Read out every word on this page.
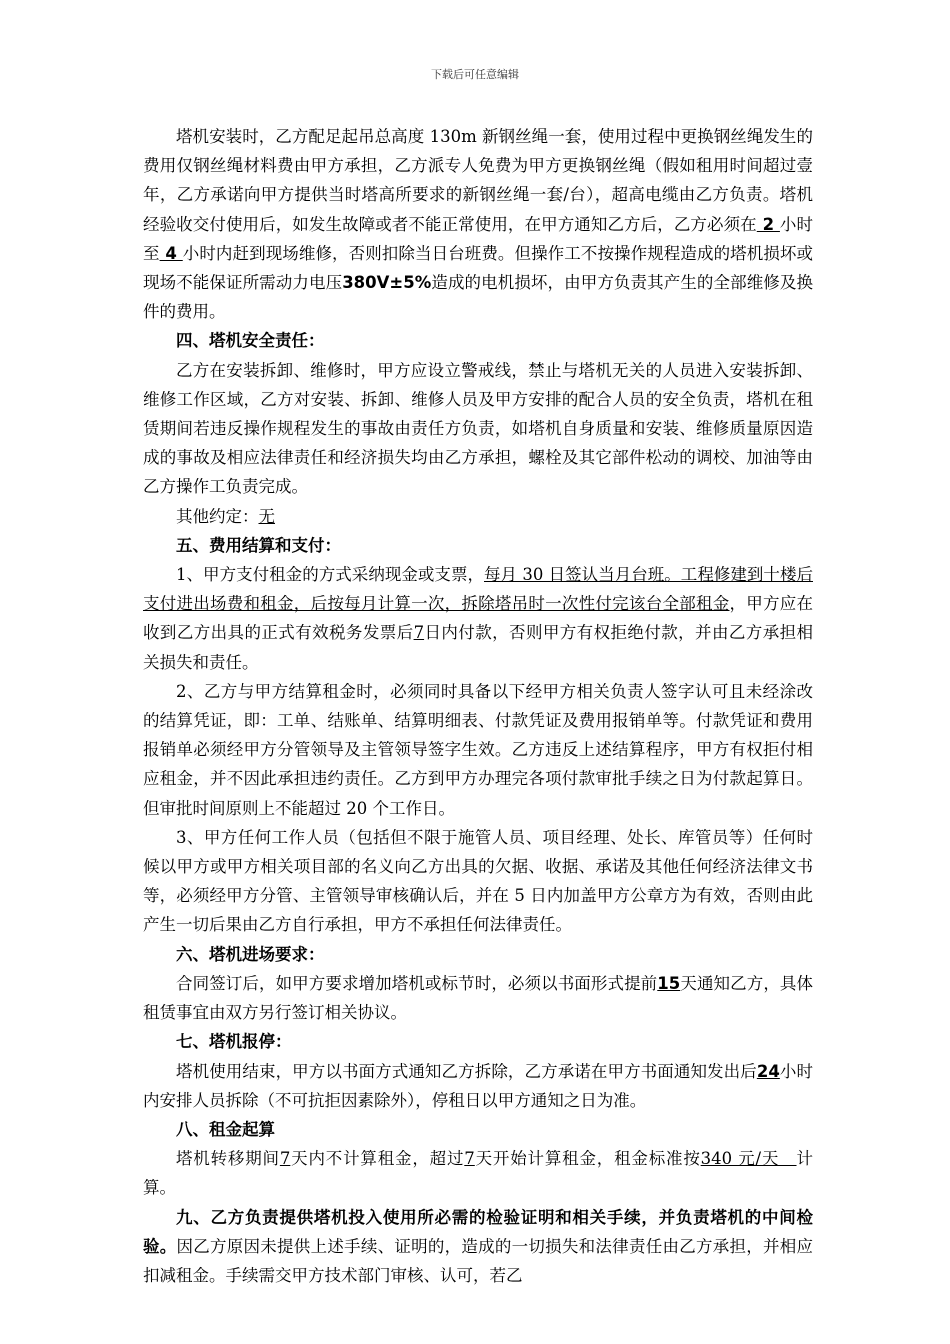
下载后可任意编辑

塔机安装时，乙方配足起吊总高度 130m 新钢丝绳一套，使用过程中更换钢丝绳发生的费用仅钢丝绳材料费由甲方承担，乙方派专人免费为甲方更换钢丝绳（假如租用时间超过壹年，乙方承诺向甲方提供当时塔高所要求的新钢丝绳一套/台），超高电缆由乙方负责。塔机经验收交付使用后，如发生故障或者不能正常使用，在甲方通知乙方后，乙方必须在 2 小时至 4 小时内赶到现场维修，否则扣除当日台班费。但操作工不按操作规程造成的塔机损坏或现场不能保证所需动力电压380V±5%造成的电机损坏，由甲方负责其产生的全部维修及换件的费用。

四、塔机安全责任：

乙方在安装拆卸、维修时，甲方应设立警戒线，禁止与塔机无关的人员进入安装拆卸、维修工作区域，乙方对安装、拆卸、维修人员及甲方安排的配合人员的安全负责，塔机在租赁期间若违反操作规程发生的事故由责任方负责，如塔机自身质量和安装、维修质量原因造成的事故及相应法律责任和经济损失均由乙方承担，螺栓及其它部件松动的调校、加油等由乙方操作工负责完成。

其他约定：无

五、费用结算和支付：

1、甲方支付租金的方式采纳现金或支票，每月 30 日签认当月台班。工程修建到十楼后支付进出场费和租金，后按每月计算一次，拆除塔吊时一次性付完该台全部租金，甲方应在收到乙方出具的正式有效税务发票后7日内付款，否则甲方有权拒绝付款，并由乙方承担相关损失和责任。

2、乙方与甲方结算租金时，必须同时具备以下经甲方相关负责人签字认可且未经涂改的结算凭证，即：工单、结账单、结算明细表、付款凭证及费用报销单等。付款凭证和费用报销单必须经甲方分管领导及主管领导签字生效。乙方违反上述结算程序，甲方有权拒付相应租金，并不因此承担违约责任。乙方到甲方办理完各项付款审批手续之日为付款起算日。但审批时间原则上不能超过 20 个工作日。

3、甲方任何工作人员（包括但不限于施管人员、项目经理、处长、库管员等）任何时候以甲方或甲方相关项目部的名义向乙方出具的欠据、收据、承诺及其他任何经济法律文书等，必须经甲方分管、主管领导审核确认后，并在 5 日内加盖甲方公章方为有效，否则由此产生一切后果由乙方自行承担，甲方不承担任何法律责任。

六、塔机进场要求：

合同签订后，如甲方要求增加塔机或标节时，必须以书面形式提前15天通知乙方，具体租赁事宜由双方另行签订相关协议。

七、塔机报停：

塔机使用结束，甲方以书面方式通知乙方拆除，乙方承诺在甲方书面通知发出后24小时内安排人员拆除（不可抗拒因素除外），停租日以甲方通知之日为准。

八、租金起算

塔机转移期间7天内不计算租金，超过7天开始计算租金，租金标准按340 元/天　计算。

九、乙方负责提供塔机投入使用所必需的检验证明和相关手续，并负责塔机的中间检验。因乙方原因未提供上述手续、证明的，造成的一切损失和法律责任由乙方承担，并相应扣减租金。手续需交甲方技术部门审核、认可，若乙
